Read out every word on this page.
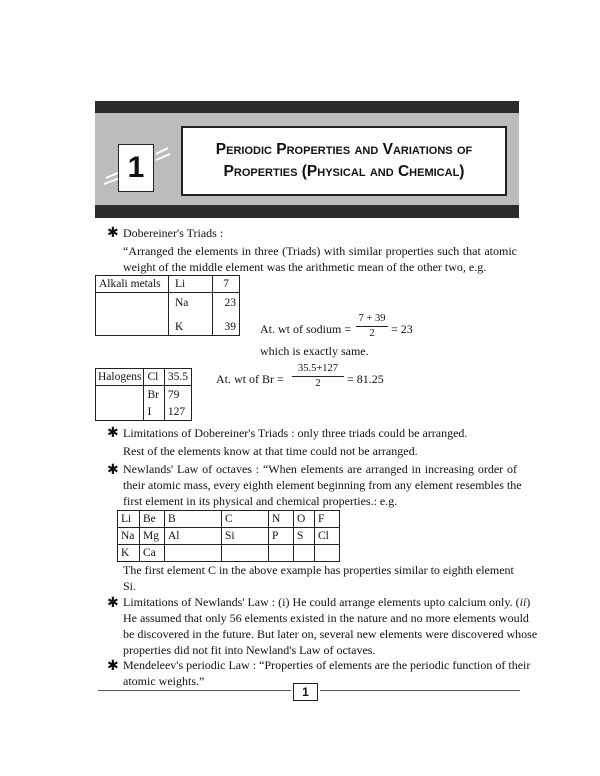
1
Periodic Properties and Variations of
Properties (Physical and Chemical)
✱ Dobereiner's Triads :
“Arranged the elements in three (Triads) with similar properties such that atomic
weight of the middle element was the arithmetic mean of the other two, e.g.
Alkali metals	Li	7
	Na	23
	K	39 At. wt of sodium =
7 + 39
2	= 23
which is exactly same.
Halogens	Cl	35.5
	Br	79
	I	127
At. wt of Br =
35.5+127
2	= 81.25
✱ Limitations of Dobereiner's Triads : only three triads could be arranged.
Rest of the elements know at that time could not be arranged.
✱ Newlands' Law of octaves : “When elements are arranged in increasing order of
their atomic mass, every eighth element beginning from any element resembles the
first element in its physical and chemical properties.: e.g.
Li	Be	B	C	N	O	F
Na	Mg	Al	Si	P	S	Cl
K	Ca					
The first element C in the above example has properties similar to eighth element
Si.
✱ Limitations of Newlands' Law : (i) He could arrange elements upto calcium only. (ii)
He assumed that only 56 elements existed in the nature and no more elements would
be discovered in the future. But later on, several new elements were discovered whose
properties did not fit into Newland's Law of octaves.
✱ Mendeleev's periodic Law : “Properties of elements are the periodic function of their
atomic weights.”
1
